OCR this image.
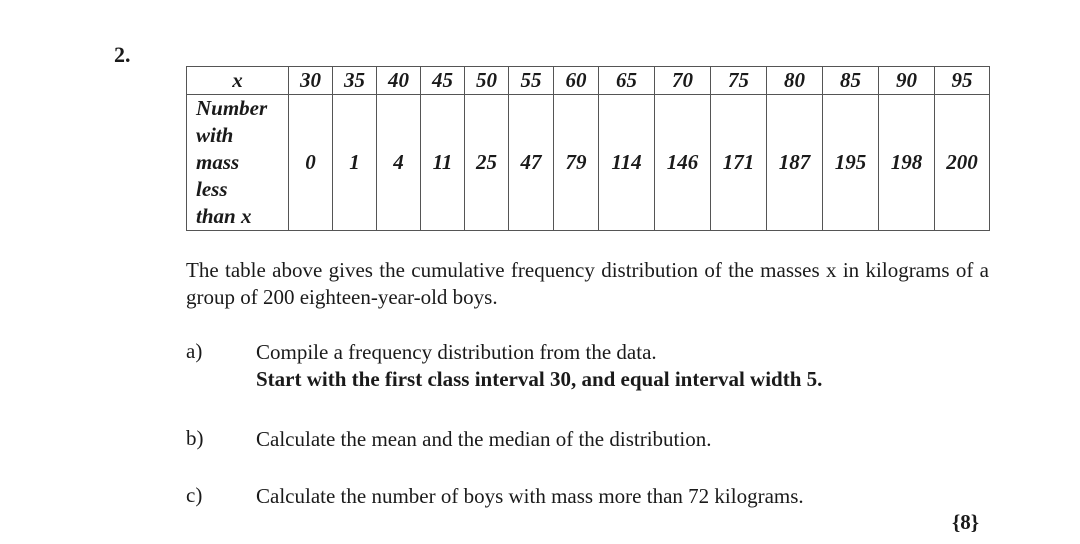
2.
x	30	35	40	45	50	55	60	65	70	75	80	85	90	95

Number
with
mass
less
than x	0	1	4	11	25	47	79	114	146	171	187	195	198	200
The table above gives the cumulative frequency distribution of the masses x in kilograms of a group of 200 eighteen-year-old boys.
a)	Compile a frequency distribution from the data.
Start with the first class interval 30, and equal interval width 5.
b)	Calculate the mean and the median of the distribution.
c)	Calculate the number of boys with mass more than 72 kilograms.
{8}
